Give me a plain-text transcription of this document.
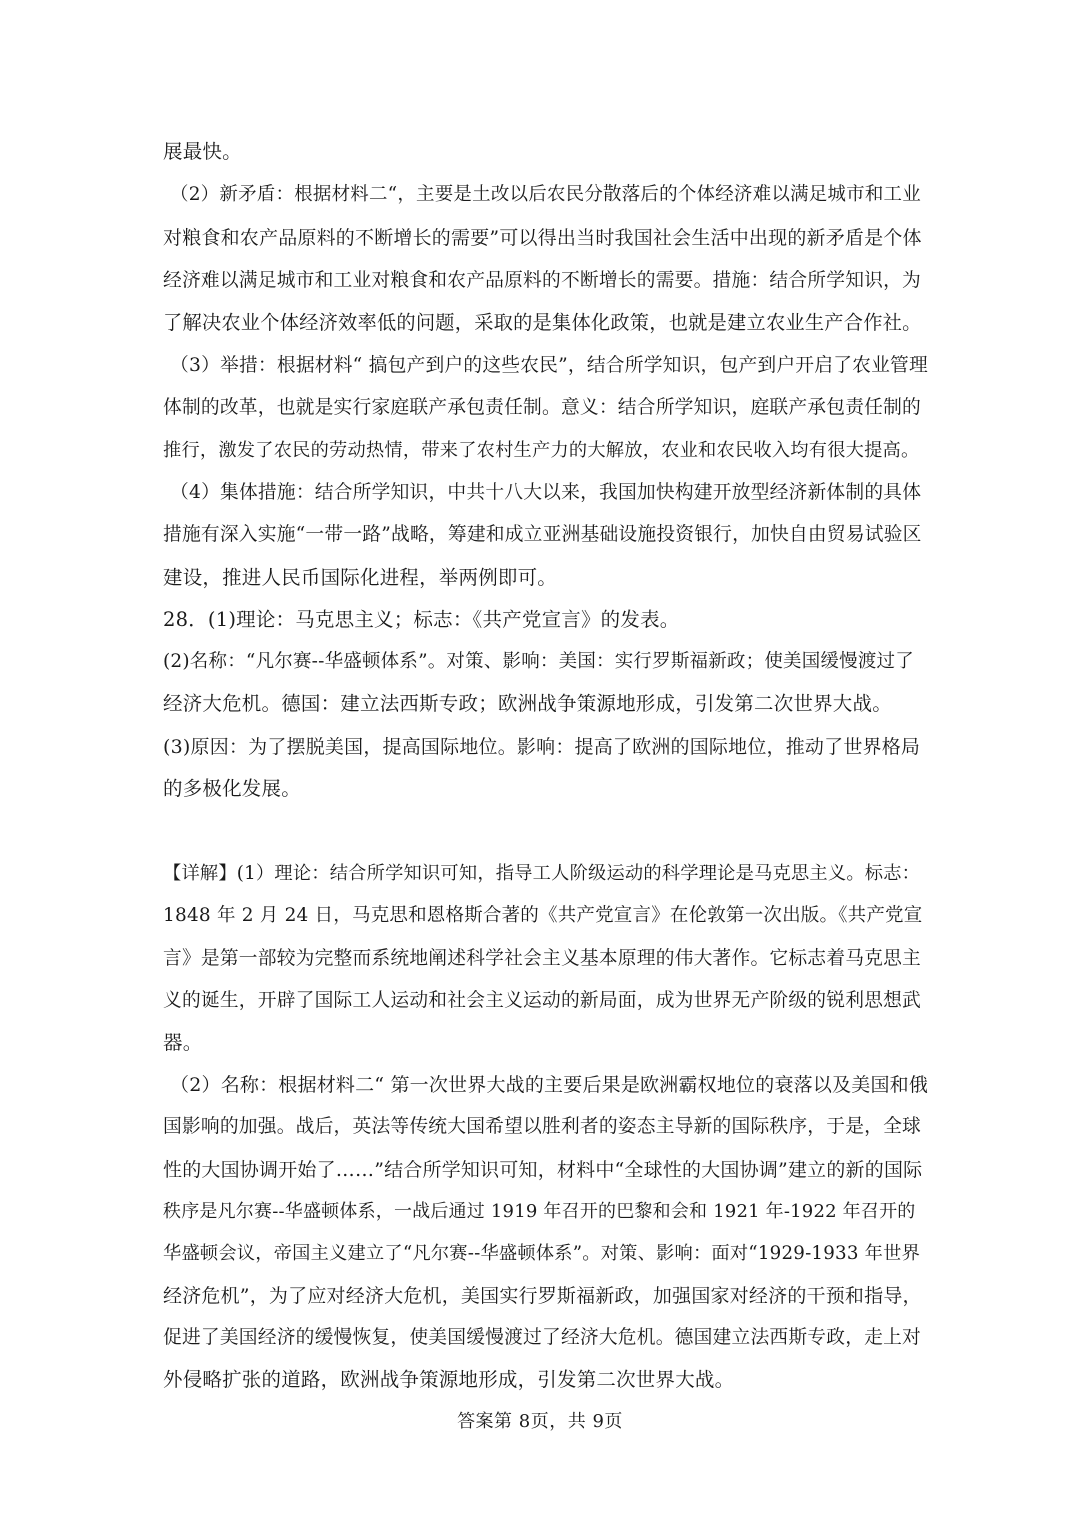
展最快。
（2）新矛盾：根据材料二“，主要是土改以后农民分散落后的个体经济难以满足城市和工业
对粮食和农产品原料的不断增长的需要”可以得出当时我国社会生活中出现的新矛盾是个体
经济难以满足城市和工业对粮食和农产品原料的不断增长的需要。措施：结合所学知识，为
了解决农业个体经济效率低的问题，采取的是集体化政策，也就是建立农业生产合作社。
（3）举措：根据材料“ 搞包产到户的这些农民”，结合所学知识，包产到户开启了农业管理
体制的改革，也就是实行家庭联产承包责任制。意义：结合所学知识，庭联产承包责任制的
推行，激发了农民的劳动热情，带来了农村生产力的大解放，农业和农民收入均有很大提高。
（4）集体措施：结合所学知识，中共十八大以来，我国加快构建开放型经济新体制的具体
措施有深入实施“一带一路”战略，筹建和成立亚洲基础设施投资银行，加快自由贸易试验区
建设，推进人民币国际化进程，举两例即可。
28．(1)理论：马克思主义；标志：《共产党宣言》的发表。
(2)名称：“凡尔赛--华盛顿体系”。对策、影响：美国：实行罗斯福新政；使美国缓慢渡过了
经济大危机。德国：建立法西斯专政；欧洲战争策源地形成，引发第二次世界大战。
(3)原因：为了摆脱美国，提高国际地位。影响：提高了欧洲的国际地位，推动了世界格局
的多极化发展。
【详解】(1）理论：结合所学知识可知，指导工人阶级运动的科学理论是马克思主义。标志：
1848 年 2 月 24 日，马克思和恩格斯合著的《共产党宣言》在伦敦第一次出版。《共产党宣
言》是第一部较为完整而系统地阐述科学社会主义基本原理的伟大著作。它标志着马克思主
义的诞生，开辟了国际工人运动和社会主义运动的新局面，成为世界无产阶级的锐利思想武
器。
（2）名称：根据材料二“ 第一次世界大战的主要后果是欧洲霸权地位的衰落以及美国和俄
国影响的加强。战后，英法等传统大国希望以胜利者的姿态主导新的国际秩序，于是，全球
性的大国协调开始了……”结合所学知识可知，材料中“全球性的大国协调”建立的新的国际
秩序是凡尔赛--华盛顿体系，一战后通过 1919 年召开的巴黎和会和 1921 年-1922 年召开的
华盛顿会议，帝国主义建立了“凡尔赛--华盛顿体系”。对策、影响：面对“1929-1933 年世界
经济危机”，为了应对经济大危机，美国实行罗斯福新政，加强国家对经济的干预和指导，
促进了美国经济的缓慢恢复，使美国缓慢渡过了经济大危机。德国建立法西斯专政，走上对
外侵略扩张的道路，欧洲战争策源地形成，引发第二次世界大战。
答案第 8页，共 9页
